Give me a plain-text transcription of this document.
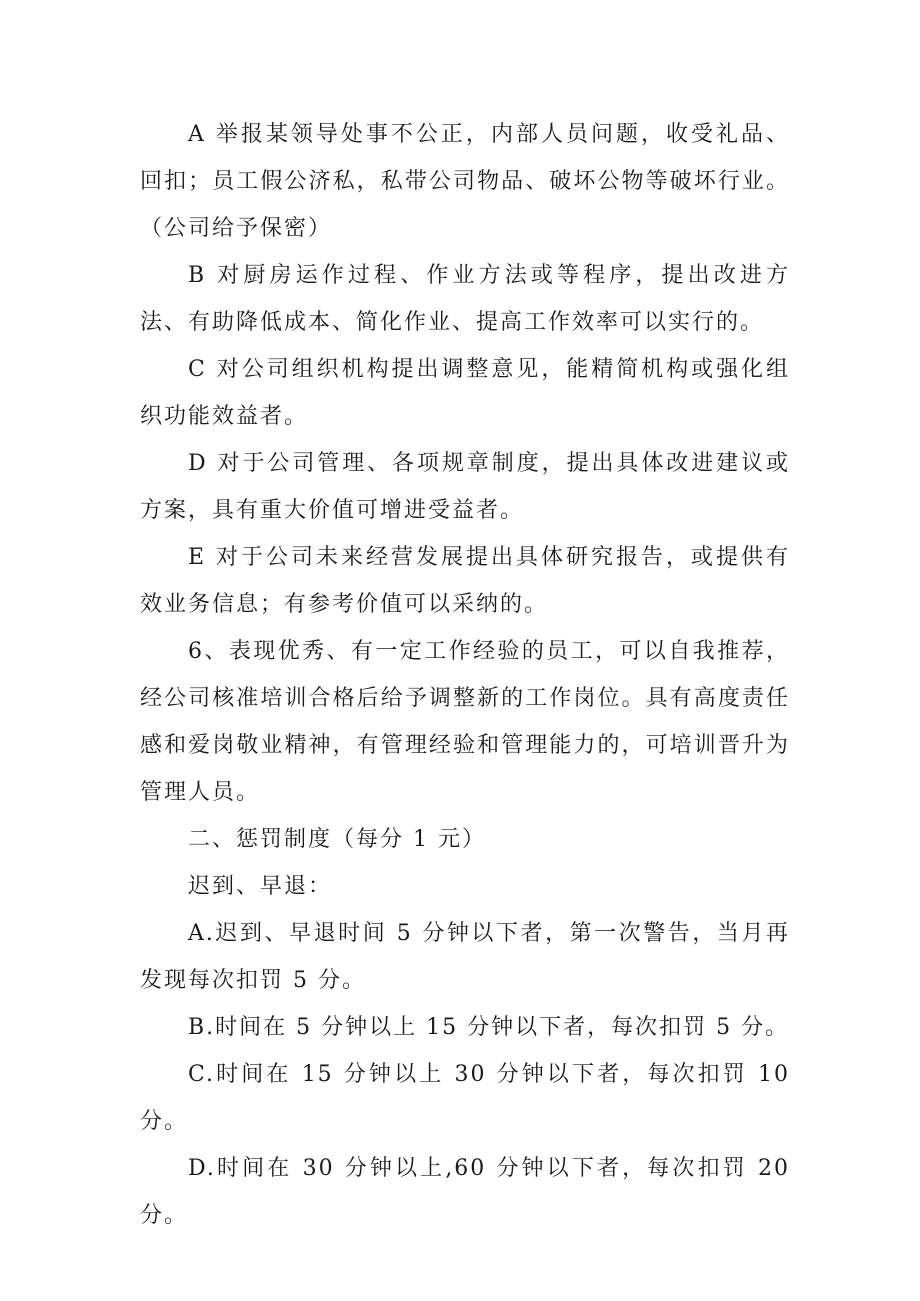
A 举报某领导处事不公正，内部人员问题，收受礼品、回扣；员工假公济私，私带公司物品、破坏公物等破坏行业。（公司给予保密）

B 对厨房运作过程、作业方法或等程序，提出改进方法、有助降低成本、简化作业、提高工作效率可以实行的。

C 对公司组织机构提出调整意见，能精简机构或强化组织功能效益者。

D 对于公司管理、各项规章制度，提出具体改进建议或方案，具有重大价值可增进受益者。

E 对于公司未来经营发展提出具体研究报告，或提供有效业务信息；有参考价值可以采纳的。

6、表现优秀、有一定工作经验的员工，可以自我推荐，经公司核准培训合格后给予调整新的工作岗位。具有高度责任感和爱岗敬业精神，有管理经验和管理能力的，可培训晋升为管理人员。

二、惩罚制度（每分 1 元）

迟到、早退：

A.迟到、早退时间 5 分钟以下者，第一次警告，当月再发现每次扣罚 5 分。

B.时间在 5 分钟以上 15 分钟以下者，每次扣罚 5 分。

C.时间在 15 分钟以上 30 分钟以下者，每次扣罚 10 分。

D.时间在 30 分钟以上,60 分钟以下者，每次扣罚 20 分。
